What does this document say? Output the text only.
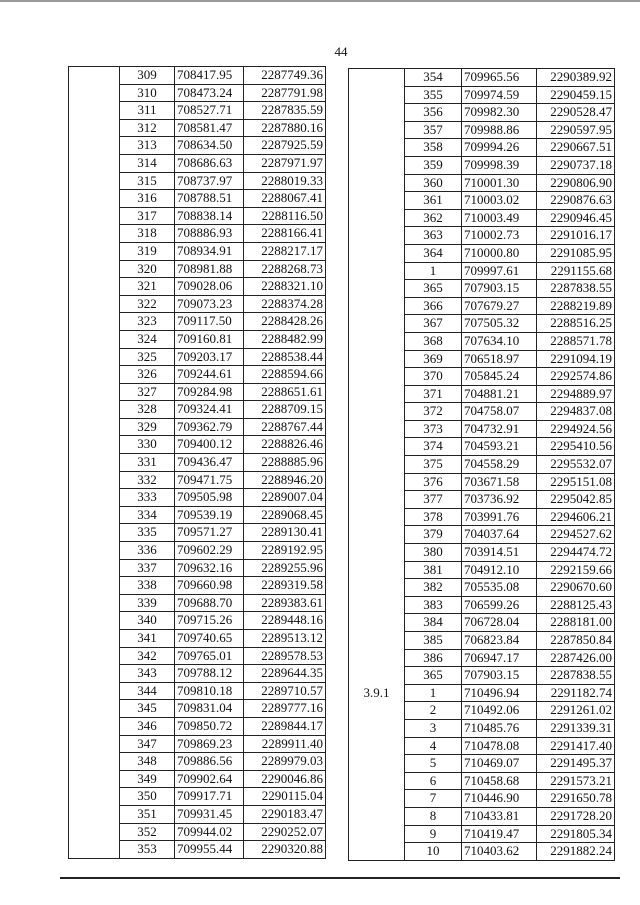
44
	309	708417.95	2287749.36
	310	708473.24	2287791.98
	311	708527.71	2287835.59
	312	708581.47	2287880.16
	313	708634.50	2287925.59
	314	708686.63	2287971.97
	315	708737.97	2288019.33
	316	708788.51	2288067.41
	317	708838.14	2288116.50
	318	708886.93	2288166.41
	319	708934.91	2288217.17
	320	708981.88	2288268.73
	321	709028.06	2288321.10
	322	709073.23	2288374.28
	323	709117.50	2288428.26
	324	709160.81	2288482.99
	325	709203.17	2288538.44
	326	709244.61	2288594.66
	327	709284.98	2288651.61
	328	709324.41	2288709.15
	329	709362.79	2288767.44
	330	709400.12	2288826.46
	331	709436.47	2288885.96
	332	709471.75	2288946.20
	333	709505.98	2289007.04
	334	709539.19	2289068.45
	335	709571.27	2289130.41
	336	709602.29	2289192.95
	337	709632.16	2289255.96
	338	709660.98	2289319.58
	339	709688.70	2289383.61
	340	709715.26	2289448.16
	341	709740.65	2289513.12
	342	709765.01	2289578.53
	343	709788.12	2289644.35
	344	709810.18	2289710.57
	345	709831.04	2289777.16
	346	709850.72	2289844.17
	347	709869.23	2289911.40
	348	709886.56	2289979.03
	349	709902.64	2290046.86
	350	709917.71	2290115.04
	351	709931.45	2290183.47
	352	709944.02	2290252.07
	353	709955.44	2290320.88
	354	709965.56	2290389.92
	355	709974.59	2290459.15
	356	709982.30	2290528.47
	357	709988.86	2290597.95
	358	709994.26	2290667.51
	359	709998.39	2290737.18
	360	710001.30	2290806.90
	361	710003.02	2290876.63
	362	710003.49	2290946.45
	363	710002.73	2291016.17
	364	710000.80	2291085.95
	1	709997.61	2291155.68
	365	707903.15	2287838.55
	366	707679.27	2288219.89
	367	707505.32	2288516.25
	368	707634.10	2288571.78
	369	706518.97	2291094.19
	370	705845.24	2292574.86
	371	704881.21	2294889.97
	372	704758.07	2294837.08
	373	704732.91	2294924.56
	374	704593.21	2295410.56
	375	704558.29	2295532.07
	376	703671.58	2295151.08
	377	703736.92	2295042.85
	378	703991.76	2294606.21
	379	704037.64	2294527.62
	380	703914.51	2294474.72
	381	704912.10	2292159.66
	382	705535.08	2290670.60
	383	706599.26	2288125.43
	384	706728.04	2288181.00
	385	706823.84	2287850.84
	386	706947.17	2287426.00
	365	707903.15	2287838.55
3.9.1	1	710496.94	2291182.74
	2	710492.06	2291261.02
	3	710485.76	2291339.31
	4	710478.08	2291417.40
	5	710469.07	2291495.37
	6	710458.68	2291573.21
	7	710446.90	2291650.78
	8	710433.81	2291728.20
	9	710419.47	2291805.34
	10	710403.62	2291882.24
